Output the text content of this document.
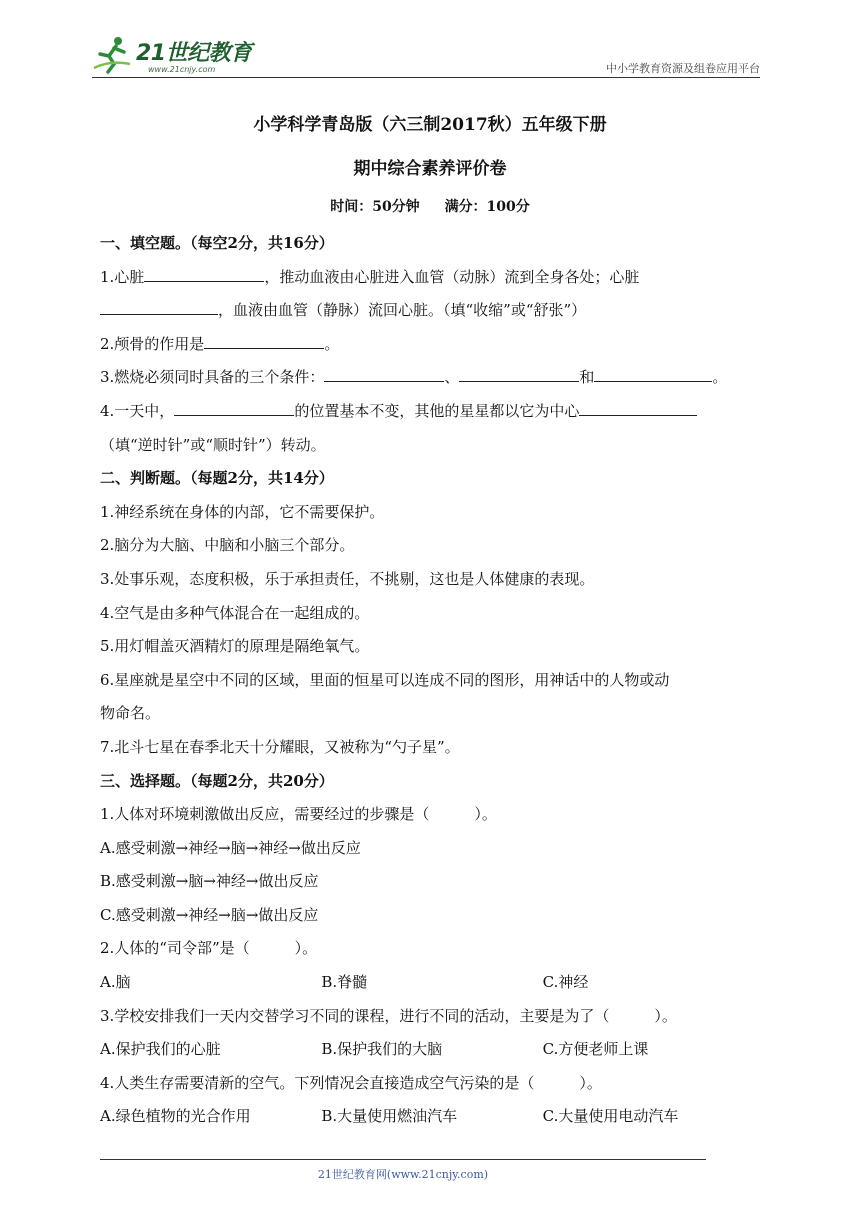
21世纪教育
www.21cnjy.com	中小学教育资源及组卷应用平台
小学科学青岛版（六三制2017秋）五年级下册
期中综合素养评价卷
时间：50分钟 满分：100分
一、填空题。（每空2分，共16分）
1.心脏	，推动血液由心脏进入血管（动脉）流到全身各处；心脏
，血液由血管（静脉）流回心脏。（填“收缩”或“舒张”）
2.颅骨的作用是	。
3.燃烧必须同时具备的三个条件：	、	和	。
4.一天中，	的位置基本不变，其他的星星都以它为中心
（填“逆时针”或“顺时针”）转动。
二、判断题。（每题2分，共14分）
1.神经系统在身体的内部，它不需要保护。
2.脑分为大脑、中脑和小脑三个部分。
3.处事乐观，态度积极，乐于承担责任，不挑剔，这也是人体健康的表现。
4.空气是由多种气体混合在一起组成的。
5.用灯帽盖灭酒精灯的原理是隔绝氧气。
6.星座就是星空中不同的区域，里面的恒星可以连成不同的图形，用神话中的人物或动
物命名。
7.北斗七星在春季北天十分耀眼，又被称为“勺子星”。
三、选择题。（每题2分，共20分）
1.人体对环境刺激做出反应，需要经过的步骤是（　　　）。
A.感受刺激→神经→脑→神经→做出反应
B.感受刺激→脑→神经→做出反应
C.感受刺激→神经→脑→做出反应
2.人体的“司令部”是（　　　）。
A.脑	B.脊髓	C.神经
3.学校安排我们一天内交替学习不同的课程，进行不同的活动，主要是为了（　　　）。
A.保护我们的心脏	B.保护我们的大脑	C.方便老师上课
4.人类生存需要清新的空气。下列情况会直接造成空气污染的是（　　　）。
A.绿色植物的光合作用	B.大量使用燃油汽车	C.大量使用电动汽车
21世纪教育网(www.21cnjy.com)
